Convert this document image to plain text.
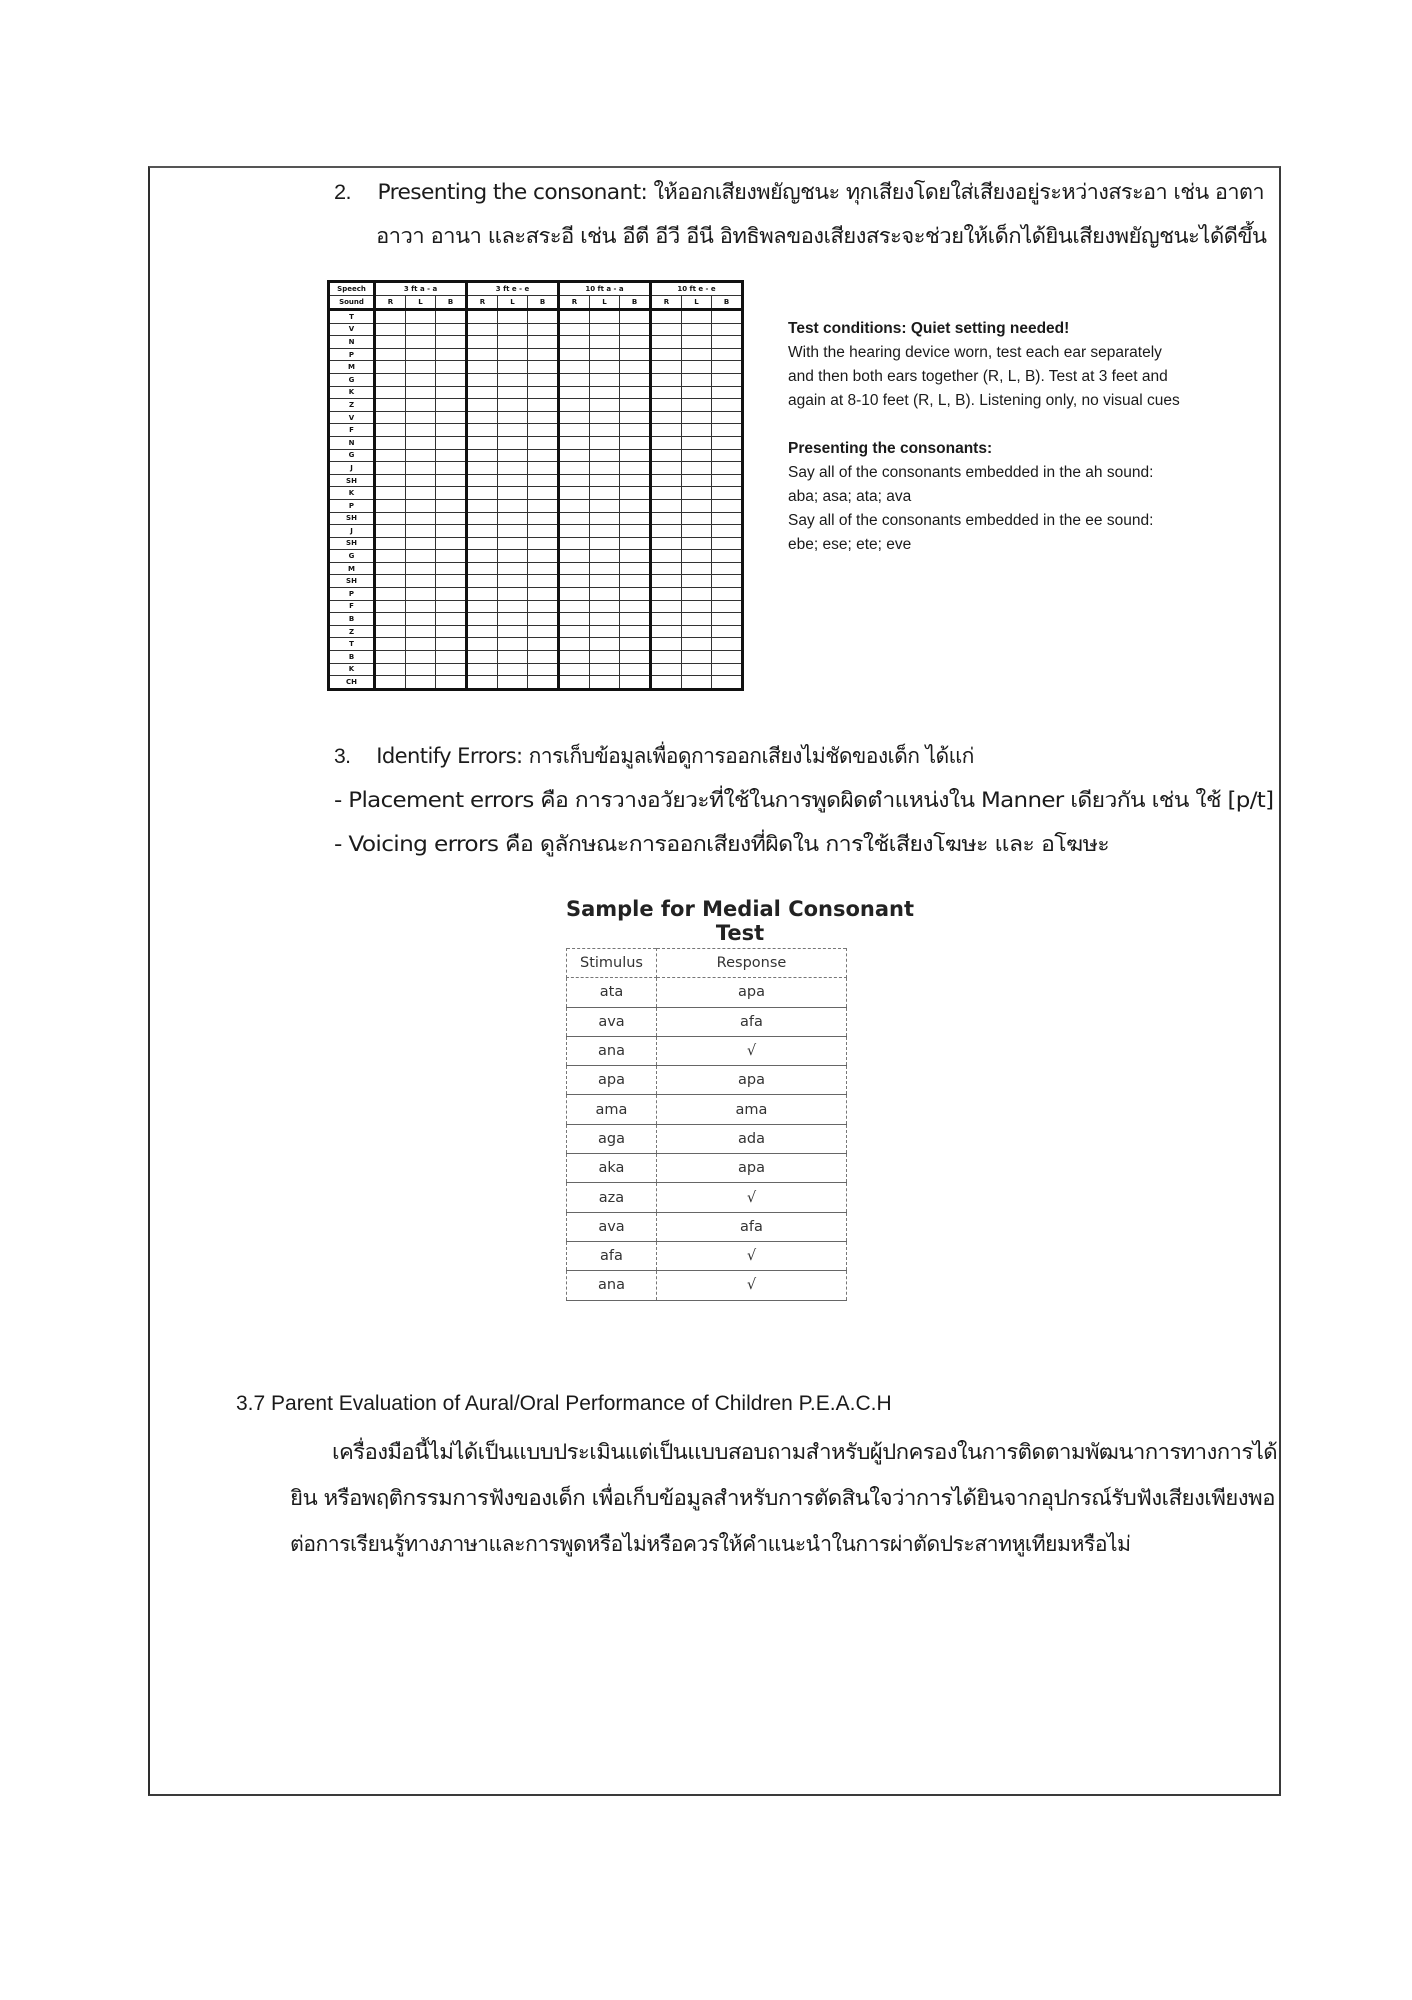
2. Presenting the consonant: ให้ออกเสียงพยัญชนะ ทุกเสียงโดยใส่เสียงอยู่ระหว่างสระอา เช่น อาตา
อาวา อานา และสระอี เช่น อีตี อีวี อีนี อิทธิพลของเสียงสระจะช่วยให้เด็กได้ยินเสียงพยัญชนะได้ดีขึ้น
Speech	3 ft a - a			3 ft e - e			10 ft a - a			10 ft e - e		
Sound	R	L	B	R	L	B	R	L	B	R	L	B
T												
V												
N												
P												
M												
G												
K												
Z												
V												
F												
N												
G												
J												
SH												
K												
P												
SH												
J												
SH												
G												
M												
SH												
P												
F												
B												
Z												
T												
B												
K												
CH												
Test conditions: Quiet setting needed!
With the hearing device worn, test each ear separately
and then both ears together (R, L, B). Test at 3 feet and
again at 8-10 feet (R, L, B). Listening only, no visual cues
Presenting the consonants:
Say all of the consonants embedded in the ah sound:
aba; asa; ata; ava
Say all of the consonants embedded in the ee sound:
ebe; ese; ete; eve
3. Identify Errors: การเก็บข้อมูลเพื่อดูการออกเสียงไม่ชัดของเด็ก ได้แก่
- Placement errors คือ การวางอวัยวะที่ใช้ในการพูดผิดตำแหน่งใน Manner เดียวกัน เช่น ใช้ [p/t]
- Voicing errors คือ ดูลักษณะการออกเสียงที่ผิดใน การใช้เสียงโฆษะ และ อโฆษะ
Sample for Medial Consonant Test
Stimulus	Response
ata	apa
ava	afa
ana	√
apa	apa
ama	ama
aga	ada
aka	apa
aza	√
ava	afa
afa	√
ana	√
3.7 Parent Evaluation of Aural/Oral Performance of Children P.E.A.C.H
เครื่องมือนี้ไม่ได้เป็นแบบประเมินแต่เป็นแบบสอบถามสำหรับผู้ปกครองในการติดตามพัฒนาการทางการได้
ยิน หรือพฤติกรรมการฟังของเด็ก เพื่อเก็บข้อมูลสำหรับการตัดสินใจว่าการได้ยินจากอุปกรณ์รับฟังเสียงเพียงพอ
ต่อการเรียนรู้ทางภาษาและการพูดหรือไม่หรือควรให้คำแนะนำในการผ่าตัดประสาทหูเทียมหรือไม่
